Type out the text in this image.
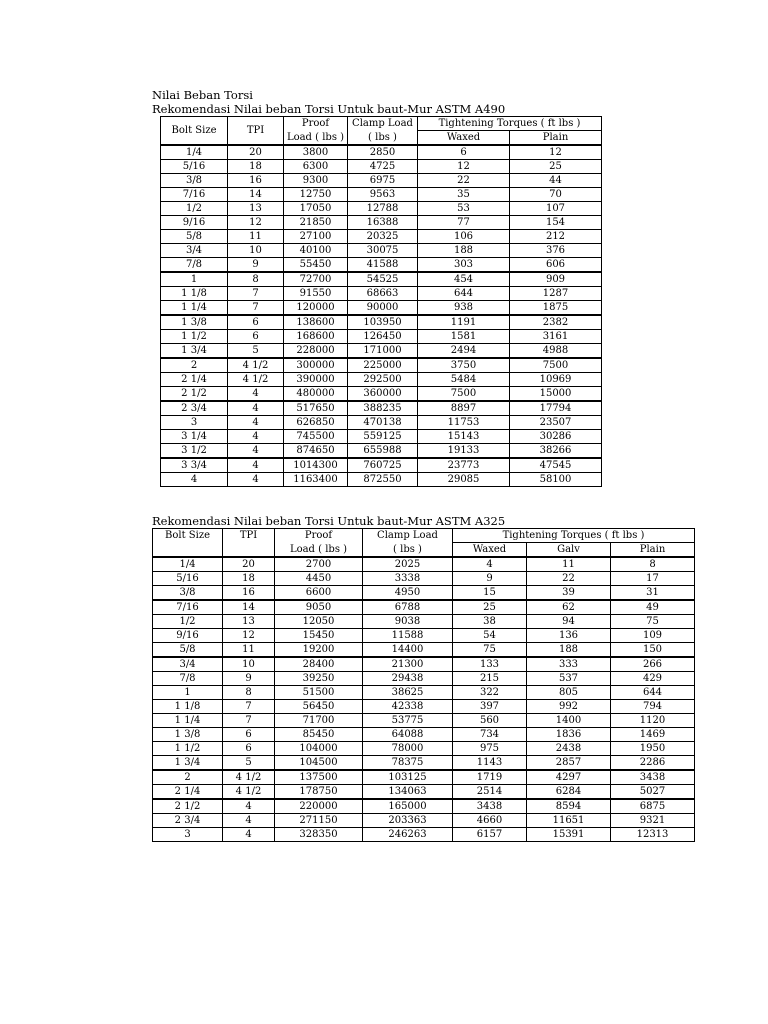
Nilai Beban Torsi
Rekomendasi Nilai beban Torsi Untuk baut-Mur ASTM A490
Bolt Size	TPI	Proof	Clamp Load	Tightening Torques ( ft lbs )	
		Load ( lbs )	( lbs )	Waxed	Plain
1/4	20	3800	2850	6	12
5/16	18	6300	4725	12	25
3/8	16	9300	6975	22	44
7/16	14	12750	9563	35	70
1/2	13	17050	12788	53	107
9/16	12	21850	16388	77	154
5/8	11	27100	20325	106	212
3/4	10	40100	30075	188	376
7/8	9	55450	41588	303	606
1	8	72700	54525	454	909
1 1/8	7	91550	68663	644	1287
1 1/4	7	120000	90000	938	1875
1 3/8	6	138600	103950	1191	2382
1 1/2	6	168600	126450	1581	3161
1 3/4	5	228000	171000	2494	4988
2	4 1/2	300000	225000	3750	7500
2 1/4	4 1/2	390000	292500	5484	10969
2 1/2	4	480000	360000	7500	15000
2 3/4	4	517650	388235	8897	17794
3	4	626850	470138	11753	23507
3 1/4	4	745500	559125	15143	30286
3 1/2	4	874650	655988	19133	38266
3 3/4	4	1014300	760725	23773	47545
4	4	1163400	872550	29085	58100
Rekomendasi Nilai beban Torsi Untuk baut-Mur ASTM A325
Bolt Size	TPI	Proof	Clamp Load	Tightening Torques ( ft lbs )		
		Load ( lbs )	( lbs )	Waxed	Galv	Plain
1/4	20	2700	2025	4	11	8
5/16	18	4450	3338	9	22	17
3/8	16	6600	4950	15	39	31
7/16	14	9050	6788	25	62	49
1/2	13	12050	9038	38	94	75
9/16	12	15450	11588	54	136	109
5/8	11	19200	14400	75	188	150
3/4	10	28400	21300	133	333	266
7/8	9	39250	29438	215	537	429
1	8	51500	38625	322	805	644
1 1/8	7	56450	42338	397	992	794
1 1/4	7	71700	53775	560	1400	1120
1 3/8	6	85450	64088	734	1836	1469
1 1/2	6	104000	78000	975	2438	1950
1 3/4	5	104500	78375	1143	2857	2286
2	4 1/2	137500	103125	1719	4297	3438
2 1/4	4 1/2	178750	134063	2514	6284	5027
2 1/2	4	220000	165000	3438	8594	6875
2 3/4	4	271150	203363	4660	11651	9321
3	4	328350	246263	6157	15391	12313
